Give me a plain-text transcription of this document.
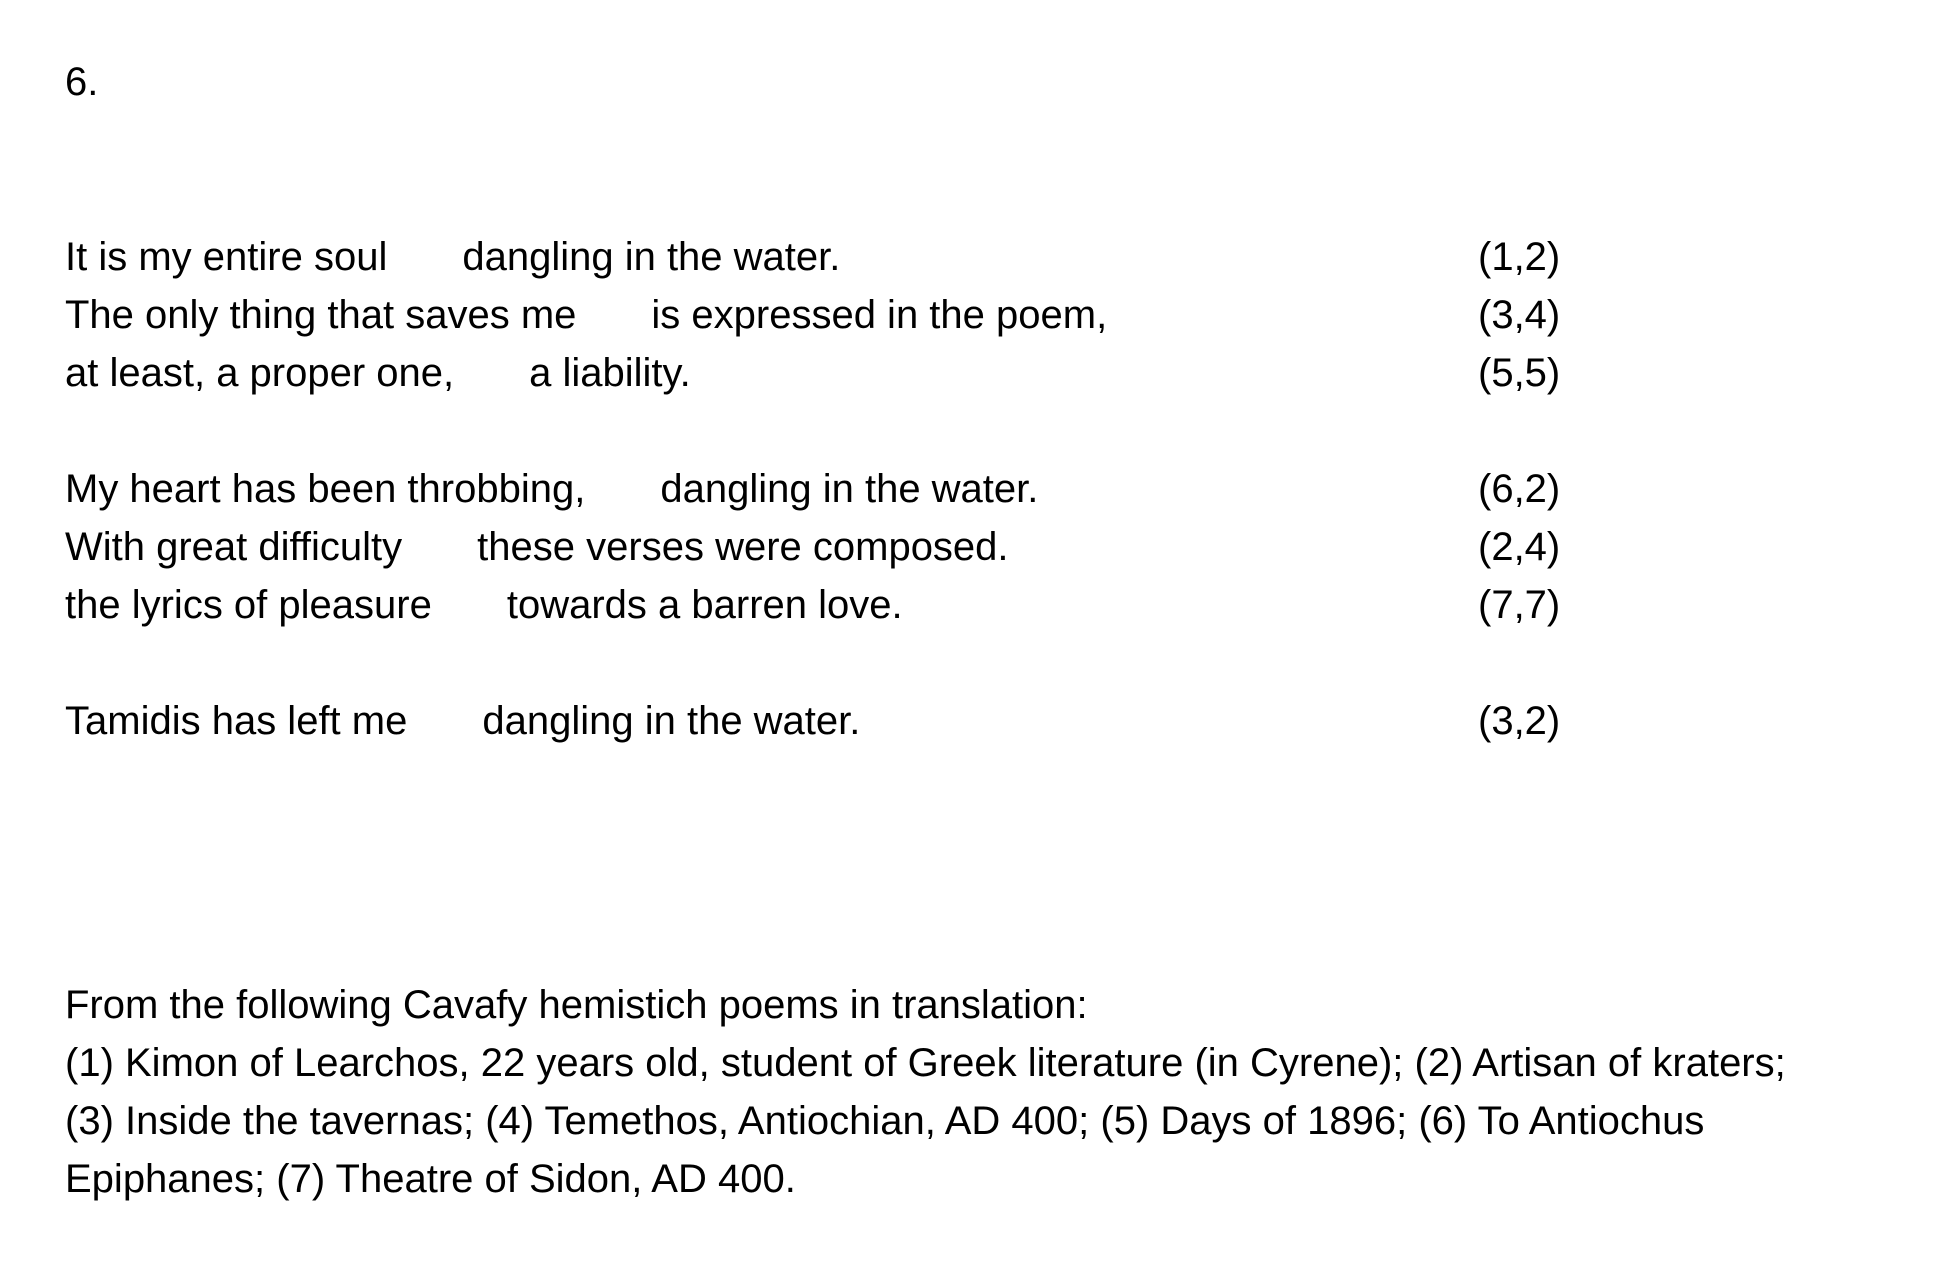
6.
It is my entire soul dangling in the water.	(1,2)
The only thing that saves me is expressed in the poem,	(3,4)
at least, a proper one, a liability.	(5,5)
My heart has been throbbing, dangling in the water.	(6,2)
With great difficulty these verses were composed.	(2,4)
the lyrics of pleasure towards a barren love.	(7,7)
Tamidis has left me dangling in the water.	(3,2)

From the following Cavafy hemistich poems in translation:

(1) Kimon of Learchos, 22 years old, student of Greek literature (in Cyrene); (2) Artisan of kraters; (3) Inside the tavernas; (4) Temethos, Antiochian, AD 400; (5) Days of 1896; (6) To Antiochus Epiphanes; (7) Theatre of Sidon, AD 400.
